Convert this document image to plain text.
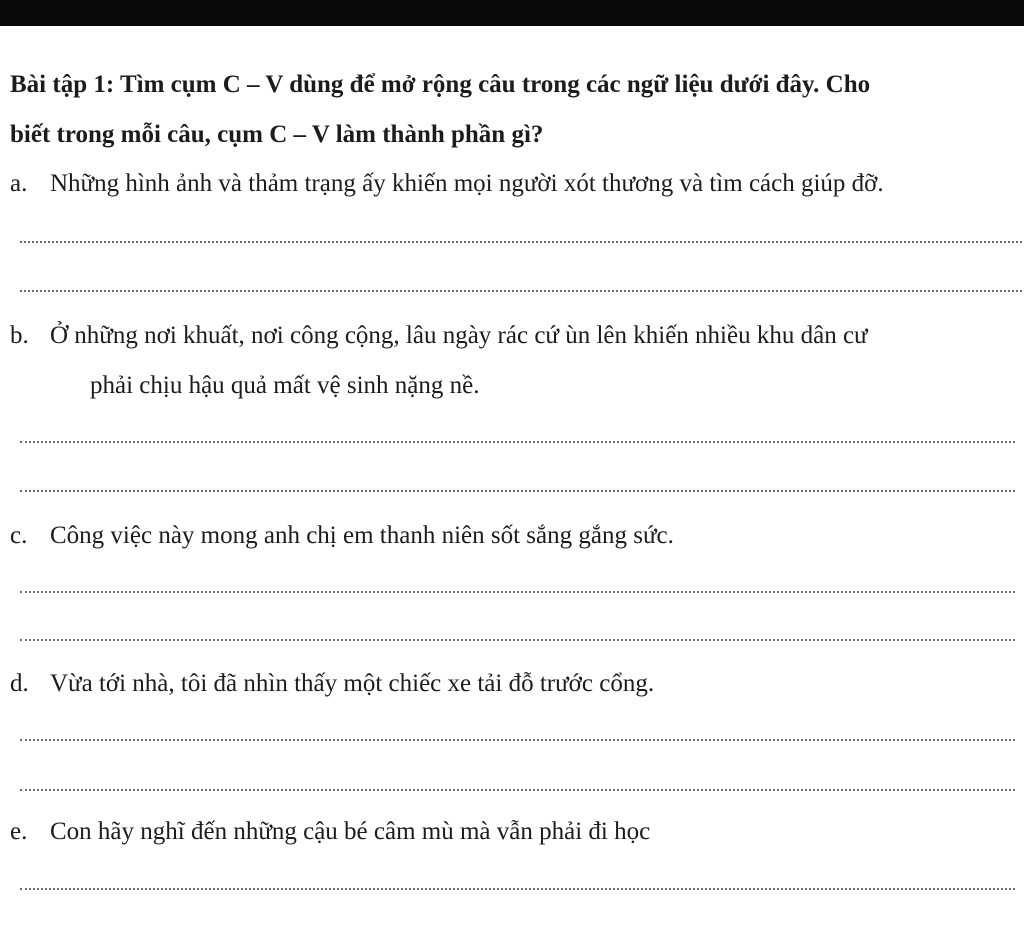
Bài tập 1: Tìm cụm C – V dùng để mở rộng câu trong các ngữ liệu dưới đây. Cho

biết trong mỗi câu, cụm C – V làm thành phần gì?

a. Những hình ảnh và thảm trạng ấy khiến mọi người xót thương và tìm cách giúp đỡ.
b. Ở những nơi khuất, nơi công cộng, lâu ngày rác cứ ùn lên khiến nhiều khu dân cư
phải chịu hậu quả mất vệ sinh nặng nề.
c. Công việc này mong anh chị em thanh niên sốt sắng gắng sức.
d. Vừa tới nhà, tôi đã nhìn thấy một chiếc xe tải đỗ trước cổng.
e. Con hãy nghĩ đến những cậu bé câm mù mà vẫn phải đi học
